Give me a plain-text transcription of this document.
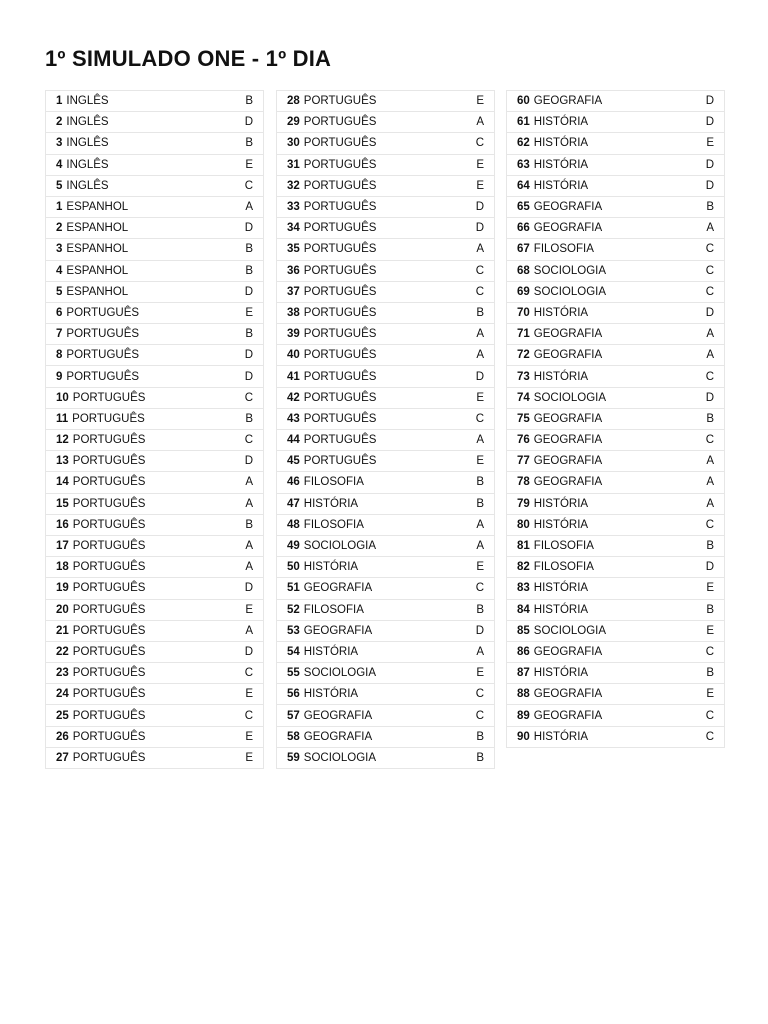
1º SIMULADO ONE - 1º DIA
1 INGLÊS	B
2 INGLÊS	D
3 INGLÊS	B
4 INGLÊS	E
5 INGLÊS	C
1 ESPANHOL	A
2 ESPANHOL	D
3 ESPANHOL	B
4 ESPANHOL	B
5 ESPANHOL	D
6 PORTUGUÊS	E
7 PORTUGUÊS	B
8 PORTUGUÊS	D
9 PORTUGUÊS	D
10 PORTUGUÊS	C
11 PORTUGUÊS	B
12 PORTUGUÊS	C
13 PORTUGUÊS	D
14 PORTUGUÊS	A
15 PORTUGUÊS	A
16 PORTUGUÊS	B
17 PORTUGUÊS	A
18 PORTUGUÊS	A
19 PORTUGUÊS	D
20 PORTUGUÊS	E
21 PORTUGUÊS	A
22 PORTUGUÊS	D
23 PORTUGUÊS	C
24 PORTUGUÊS	E
25 PORTUGUÊS	C
26 PORTUGUÊS	E
27 PORTUGUÊS	E
28 PORTUGUÊS	E
29 PORTUGUÊS	A
30 PORTUGUÊS	C
31 PORTUGUÊS	E
32 PORTUGUÊS	E
33 PORTUGUÊS	D
34 PORTUGUÊS	D
35 PORTUGUÊS	A
36 PORTUGUÊS	C
37 PORTUGUÊS	C
38 PORTUGUÊS	B
39 PORTUGUÊS	A
40 PORTUGUÊS	A
41 PORTUGUÊS	D
42 PORTUGUÊS	E
43 PORTUGUÊS	C
44 PORTUGUÊS	A
45 PORTUGUÊS	E
46 FILOSOFIA	B
47 HISTÓRIA	B
48 FILOSOFIA	A
49 SOCIOLOGIA	A
50 HISTÓRIA	E
51 GEOGRAFIA	C
52 FILOSOFIA	B
53 GEOGRAFIA	D
54 HISTÓRIA	A
55 SOCIOLOGIA	E
56 HISTÓRIA	C
57 GEOGRAFIA	C
58 GEOGRAFIA	B
59 SOCIOLOGIA	B
60 GEOGRAFIA	D
61 HISTÓRIA	D
62 HISTÓRIA	E
63 HISTÓRIA	D
64 HISTÓRIA	D
65 GEOGRAFIA	B
66 GEOGRAFIA	A
67 FILOSOFIA	C
68 SOCIOLOGIA	C
69 SOCIOLOGIA	C
70 HISTÓRIA	D
71 GEOGRAFIA	A
72 GEOGRAFIA	A
73 HISTÓRIA	C
74 SOCIOLOGIA	D
75 GEOGRAFIA	B
76 GEOGRAFIA	C
77 GEOGRAFIA	A
78 GEOGRAFIA	A
79 HISTÓRIA	A
80 HISTÓRIA	C
81 FILOSOFIA	B
82 FILOSOFIA	D
83 HISTÓRIA	E
84 HISTÓRIA	B
85 SOCIOLOGIA	E
86 GEOGRAFIA	C
87 HISTÓRIA	B
88 GEOGRAFIA	E
89 GEOGRAFIA	C
90 HISTÓRIA	C
